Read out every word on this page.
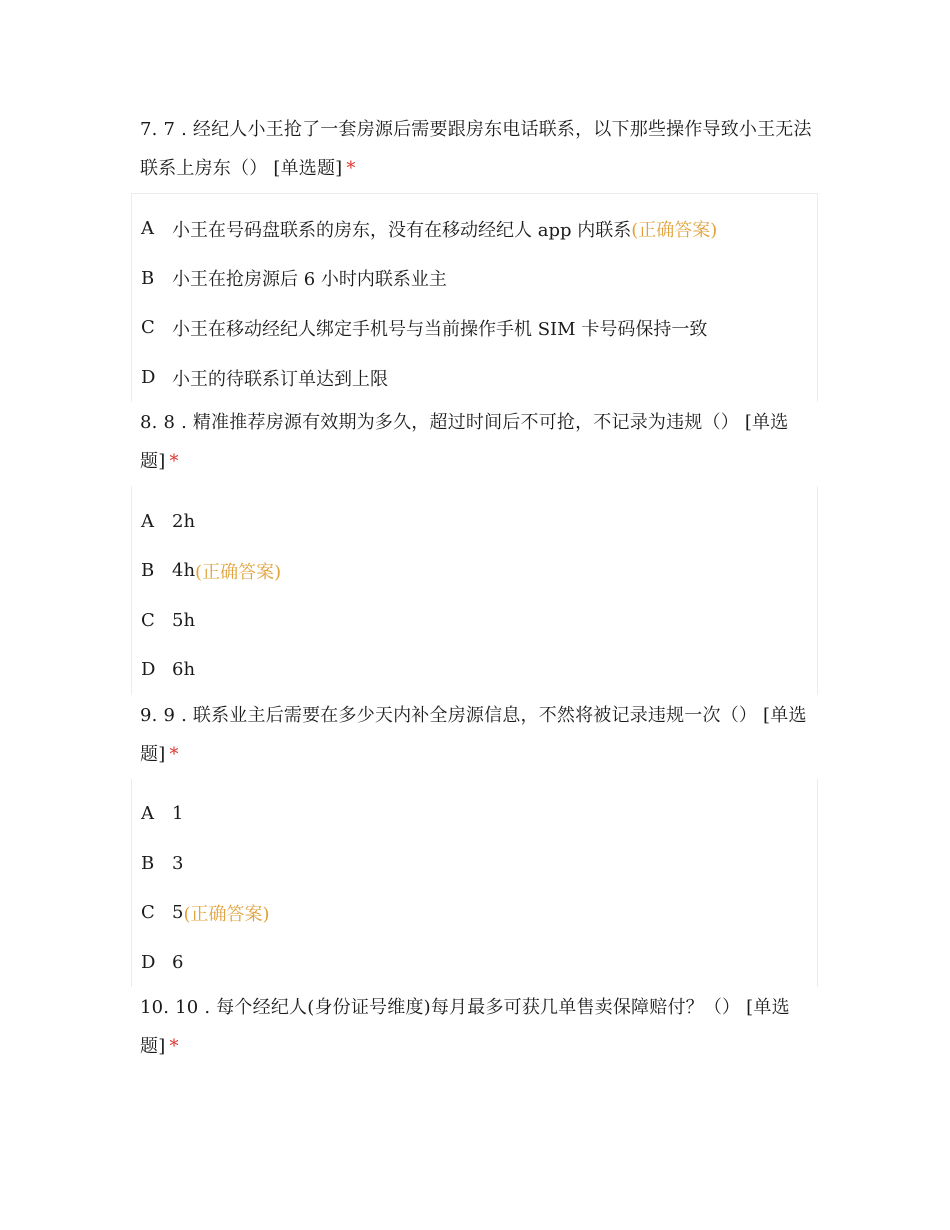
7. 7 . 经纪人小王抢了一套房源后需要跟房东电话联系，以下那些操作导致小王无法联系上房东（） [单选题] *

A	小王在号码盘联系的房东，没有在移动经纪人 app 内联系 (正确答案)
B 小王在抢房源后 6 小时内联系业主
C 小王在移动经纪人绑定手机号与当前操作手机 SIM 卡号码保持一致
D 小王的待联系订单达到上限

8. 8 . 精准推荐房源有效期为多久，超过时间后不可抢，不记录为违规（） [单选题] *

A	2h
B 4h (正确答案)
C 5h
D 6h

9. 9 . 联系业主后需要在多少天内补全房源信息，不然将被记录违规一次（） [单选题] *

A	1
B 3
C 5 (正确答案)
D 6

10. 10 . 每个经纪人(身份证号维度)每月最多可获几单售卖保障赔付？（） [单选题] *
